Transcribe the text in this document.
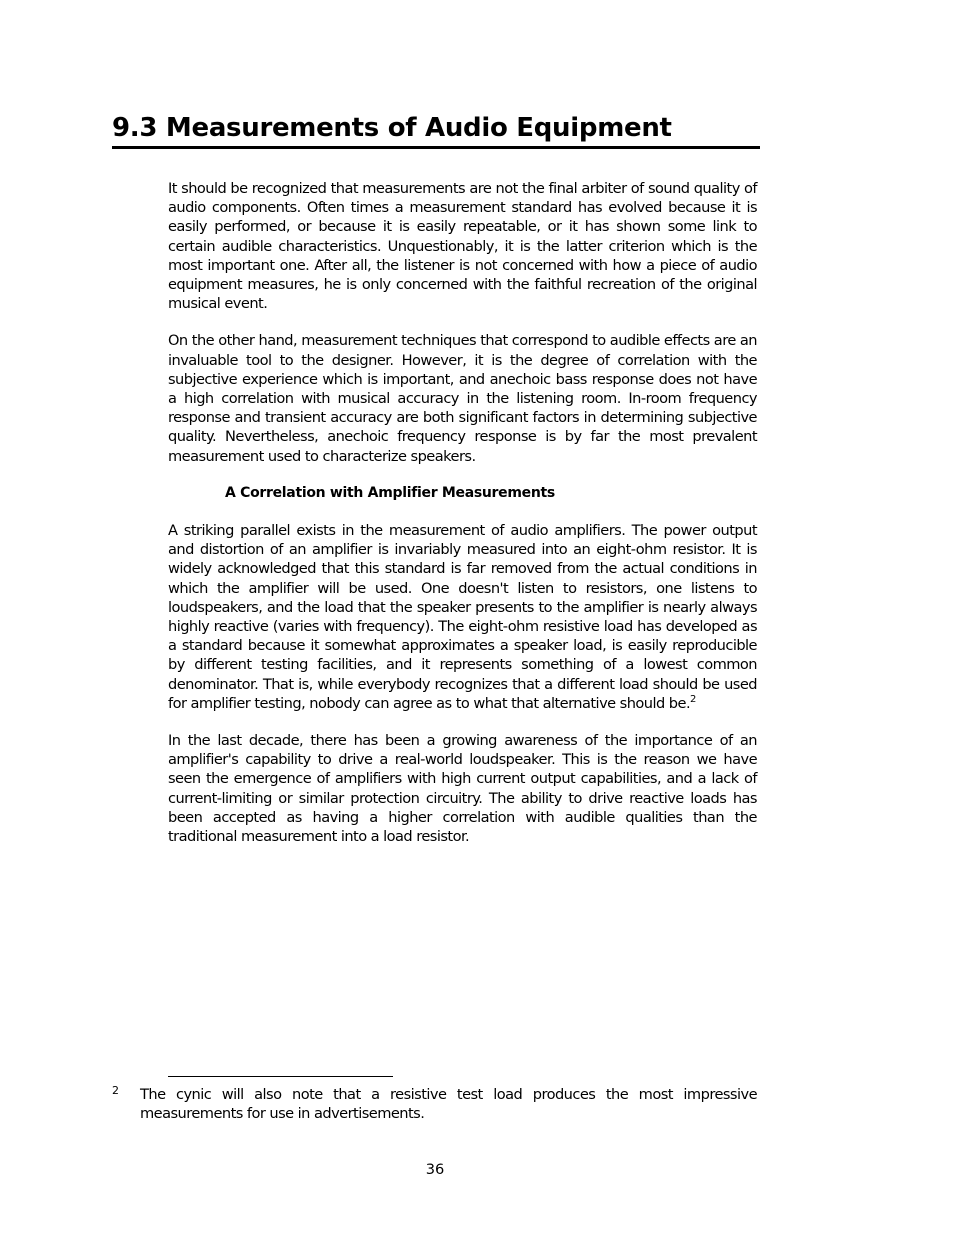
9.3 Measurements of Audio Equipment

It should be recognized that measurements are not the final arbiter of sound quality of audio components. Often times a measurement standard has evolved because it is easily performed, or because it is easily repeatable, or it has shown some link to certain audible characteristics. Unquestionably, it is the latter criterion which is the most important one. After all, the listener is not concerned with how a piece of audio equipment measures, he is only concerned with the faithful recreation of the original musical event.

On the other hand, measurement techniques that correspond to audible effects are an invaluable tool to the designer. However, it is the degree of correlation with the subjective experience which is important, and anechoic bass response does not have a high correlation with musical accuracy in the listening room. In-room frequency response and transient accuracy are both significant factors in determining subjective quality. Nevertheless, anechoic frequency response is by far the most prevalent measurement used to characterize speakers.

A Correlation with Amplifier Measurements

A striking parallel exists in the measurement of audio amplifiers. The power output and distortion of an amplifier is invariably measured into an eight-ohm resistor. It is widely acknowledged that this standard is far removed from the actual conditions in which the amplifier will be used. One doesn't listen to resistors, one listens to loudspeakers, and the load that the speaker presents to the amplifier is nearly always highly reactive (varies with frequency). The eight-ohm resistive load has developed as a standard because it somewhat approximates a speaker load, is easily reproducible by different testing facilities, and it represents something of a lowest common denominator. That is, while everybody recognizes that a different load should be used for amplifier testing, nobody can agree as to what that alternative should be.$^2$

In the last decade, there has been a growing awareness of the importance of an amplifier's capability to drive a real-world loudspeaker. This is the reason we have seen the emergence of amplifiers with high current output capabilities, and a lack of current-limiting or similar protection circuitry. The ability to drive reactive loads has been accepted as having a higher correlation with audible qualities than the traditional measurement into a load resistor.

2 The cynic will also note that a resistive test load produces the most impressive measurements for use in advertisements.

36
